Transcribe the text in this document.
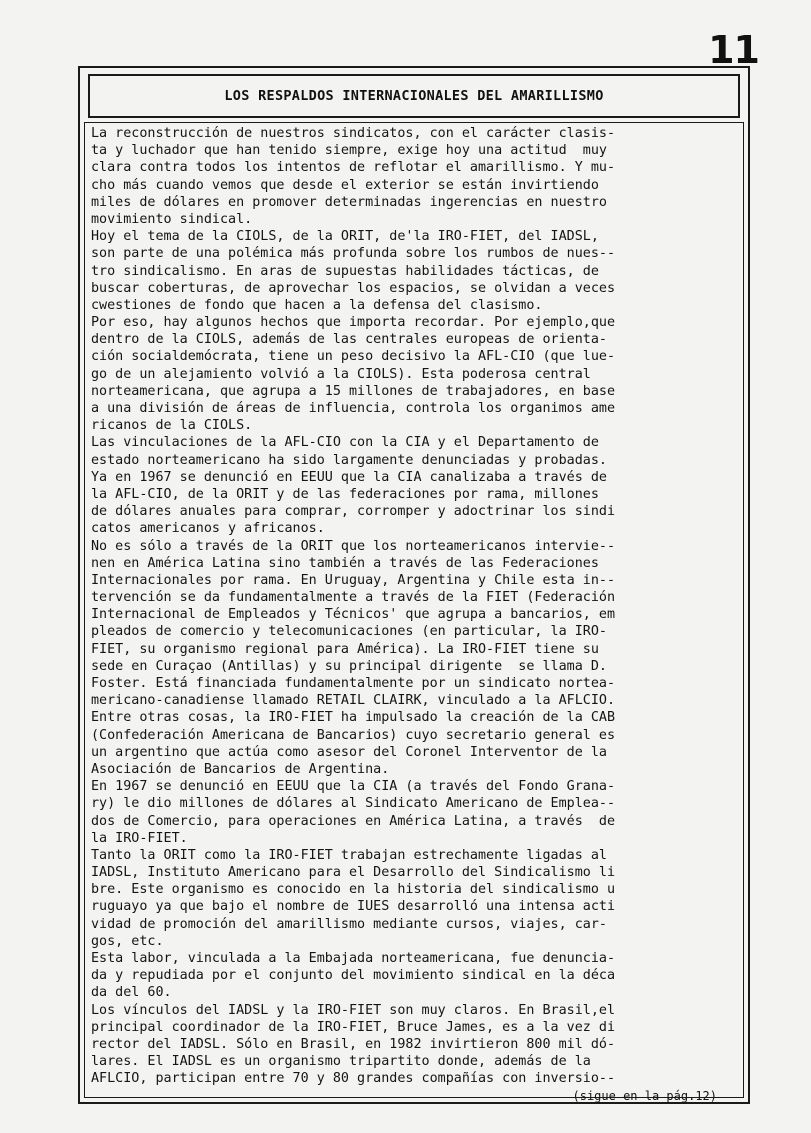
11
LOS RESPALDOS INTERNACIONALES DEL AMARILLISMO
La reconstrucción de nuestros sindicatos, con el carácter clasis-
ta y luchador que han tenido siempre, exige hoy una actitud  muy
clara contra todos los intentos de reflotar el amarillismo. Y mu-
cho más cuando vemos que desde el exterior se están invirtiendo
miles de dólares en promover determinadas ingerencias en nuestro
movimiento sindical.
Hoy el tema de la CIOLS, de la ORIT, de'la IRO-FIET, del IADSL,
son parte de una polémica más profunda sobre los rumbos de nues--
tro sindicalismo. En aras de supuestas habilidades tácticas, de
buscar coberturas, de aprovechar los espacios, se olvidan a veces
cwestiones de fondo que hacen a la defensa del clasismo.
Por eso, hay algunos hechos que importa recordar. Por ejemplo,que
dentro de la CIOLS, además de las centrales europeas de orienta-
ción socialdemócrata, tiene un peso decisivo la AFL-CIO (que lue-
go de un alejamiento volvió a la CIOLS). Esta poderosa central
norteamericana, que agrupa a 15 millones de trabajadores, en base
a una división de áreas de influencia, controla los organimos ame
ricanos de la CIOLS.
Las vinculaciones de la AFL-CIO con la CIA y el Departamento de
estado norteamericano ha sido largamente denunciadas y probadas.
Ya en 1967 se denunció en EEUU que la CIA canalizaba a través de
la AFL-CIO, de la ORIT y de las federaciones por rama, millones
de dólares anuales para comprar, corromper y adoctrinar los sindi
catos americanos y africanos.
No es sólo a través de la ORIT que los norteamericanos intervie--
nen en América Latina sino también a través de las Federaciones
Internacionales por rama. En Uruguay, Argentina y Chile esta in--
tervención se da fundamentalmente a través de la FIET (Federación
Internacional de Empleados y Técnicos' que agrupa a bancarios, em
pleados de comercio y telecomunicaciones (en particular, la IRO-
FIET, su organismo regional para América). La IRO-FIET tiene su
sede en Curaçao (Antillas) y su principal dirigente  se llama D.
Foster. Está financiada fundamentalmente por un sindicato nortea-
mericano-canadiense llamado RETAIL CLAIRK, vinculado a la AFLCIO.
Entre otras cosas, la IRO-FIET ha impulsado la creación de la CAB
(Confederación Americana de Bancarios) cuyo secretario general es
un argentino que actúa como asesor del Coronel Interventor de la
Asociación de Bancarios de Argentina.
En 1967 se denunció en EEUU que la CIA (a través del Fondo Grana-
ry) le dio millones de dólares al Sindicato Americano de Emplea--
dos de Comercio, para operaciones en América Latina, a través  de
la IRO-FIET.
Tanto la ORIT como la IRO-FIET trabajan estrechamente ligadas al
IADSL, Instituto Americano para el Desarrollo del Sindicalismo li
bre. Este organismo es conocido en la historia del sindicalismo u
ruguayo ya que bajo el nombre de IUES desarrolló una intensa acti
vidad de promoción del amarillismo mediante cursos, viajes, car-
gos, etc.
Esta labor, vinculada a la Embajada norteamericana, fue denuncia-
da y repudiada por el conjunto del movimiento sindical en la déca
da del 60.
Los vínculos del IADSL y la IRO-FIET son muy claros. En Brasil,el
principal coordinador de la IRO-FIET, Bruce James, es a la vez di
rector del IADSL. Sólo en Brasil, en 1982 invirtieron 800 mil dó-
lares. El IADSL es un organismo tripartito donde, además de la
AFLCIO, participan entre 70 y 80 grandes compañías con inversio--
(sigue en la pág.12)
